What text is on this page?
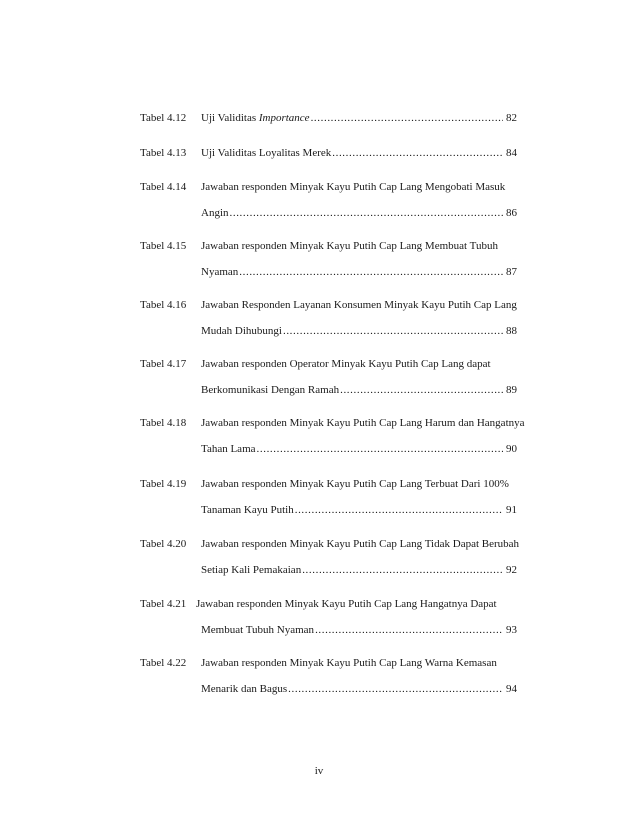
Tabel 4.12 Uji Validitas Importance .....	82
Tabel 4.13 Uji Validitas Loyalitas Merek .....	84
Tabel 4.14 Jawaban responden Minyak Kayu Putih Cap Lang Mengobati Masuk
Angin .....	86
Tabel 4.15 Jawaban responden Minyak Kayu Putih Cap Lang Membuat Tubuh
Nyaman .....	87
Tabel 4.16 Jawaban Responden Layanan Konsumen Minyak Kayu Putih Cap Lang
Mudah Dihubungi .....	88
Tabel 4.17 Jawaban responden Operator Minyak Kayu Putih Cap Lang dapat
Berkomunikasi Dengan Ramah .....	89
Tabel 4.18 Jawaban responden Minyak Kayu Putih Cap Lang Harum dan Hangatnya
Tahan Lama .....	90
Tabel 4.19 Jawaban responden Minyak Kayu Putih Cap Lang Terbuat Dari 100%
Tanaman Kayu Putih .....	91
Tabel 4.20 Jawaban responden Minyak Kayu Putih Cap Lang Tidak Dapat Berubah
Setiap Kali Pemakaian .....	92
Tabel 4.21 Jawaban responden Minyak Kayu Putih Cap Lang Hangatnya Dapat
Membuat Tubuh Nyaman .....	93
Tabel 4.22 Jawaban responden Minyak Kayu Putih Cap Lang Warna Kemasan
Menarik dan Bagus .....	94
iv
